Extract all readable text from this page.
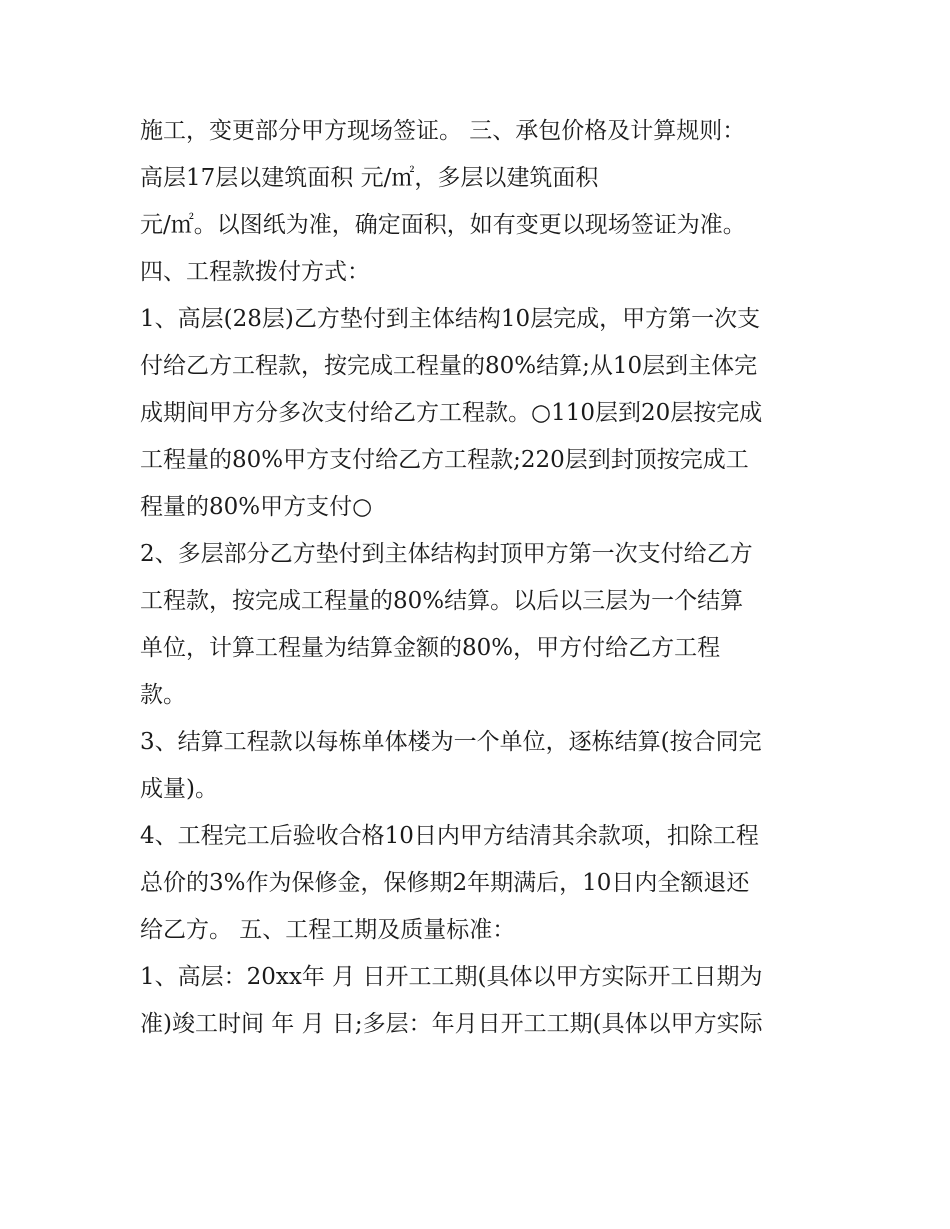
施工，变更部分甲方现场签证。 三、承包价格及计算规则：
高层17层以建筑面积 元/㎡，多层以建筑面积
元/㎡。以图纸为准，确定面积，如有变更以现场签证为准。
四、工程款拨付方式：
1、高层(28层)乙方垫付到主体结构10层完成，甲方第一次支
付给乙方工程款，按完成工程量的80%结算;从10层到主体完
成期间甲方分多次支付给乙方工程款。○110层到20层按完成
工程量的80%甲方支付给乙方工程款;220层到封顶按完成工
程量的80%甲方支付○
2、多层部分乙方垫付到主体结构封顶甲方第一次支付给乙方
工程款，按完成工程量的80%结算。以后以三层为一个结算
单位，计算工程量为结算金额的80%，甲方付给乙方工程
款。
3、结算工程款以每栋单体楼为一个单位，逐栋结算(按合同完
成量)。
4、工程完工后验收合格10日内甲方结清其余款项，扣除工程
总价的3%作为保修金，保修期2年期满后，10日内全额退还
给乙方。 五、工程工期及质量标准：
1、高层：20xx年 月 日开工工期(具体以甲方实际开工日期为
准)竣工时间 年 月 日;多层：年月日开工工期(具体以甲方实际
